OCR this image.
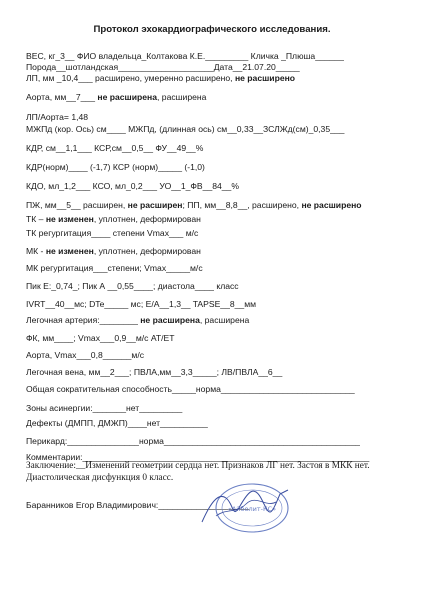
Протокол эхокардиографического исследования.
ВЕС, кг_3__ ФИО владельца_Колтакова К.Е._________ Кличка _Плюша______
Порода__шотландская____________________Дата__21.07.20_____
ЛП, мм _10,4___ расширено, умеренно расширено, не расширено
Аорта, мм__7___ не расширена, расширена
ЛП/Аорта= 1,48
МЖПд (кор. Ось) см____ МЖПд, (длинная ось) см__0,33__ЗСЛЖд(см)_0,35___
КДР, см__1,1___ КСР,см__0,5__ ФУ__49__%
КДР(норм)____ (-1,7) КСР (норм)_____ (-1,0)
КДО, мл_1,2___ КСО, мл_0,2___ УО__1_ФВ__84__%
ПЖ, мм__5__ расширен, не расширен; ПП, мм__8,8__, расширено, не расширено
ТК – не изменен, уплотнен, деформирован
ТК регургитация____ степени Vmax___ м/с
МК - не изменен, уплотнен, деформирован
МК регургитация___степени; Vmax_____м/с
Пик Е:_0,74_; Пик А __0,55____; диастола____ класс
IVRT__40__мс; DTe_____ мс; E/A__1,3__ TAPSE__8__мм
Легочная артерия:________ не расширена, расширена
ФК, мм____; Vmax___0,9__м/с AT/ET
Аорта, Vmax___0,8______м/с
Легочная вена, мм__2___; ПВЛА,мм__3,3_____; ЛВ/ПВЛА__6__
Общая сократительная способность_____норма____________________________
Зоны асинергии:_______нет_________
Дефекты (ДМПП, ДМЖП)____нет__________
Перикард:_______________норма_________________________________________
Комментарии:____________________________________________________________
Заключение:__Изменений геометрии сердца нет. Признаков ЛГ нет. Застоя в МКК нет.
Диастолическая дисфункция 0 класс.
Баранников Егор Владимирович:___________________
«Айболит-КС»
